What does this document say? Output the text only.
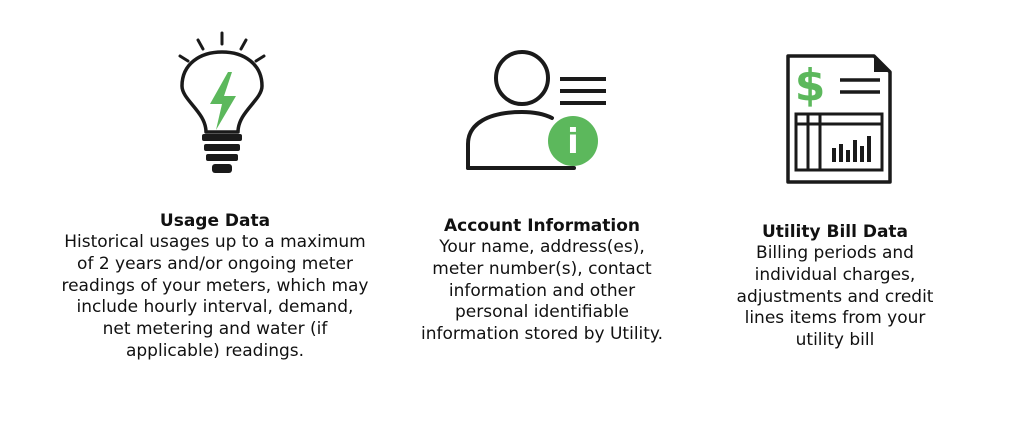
i
$
Usage Data
Historical usages up to a maximum
of 2 years and/or ongoing meter
readings of your meters, which may
include hourly interval, demand,
net metering and water (if
applicable) readings.
Account Information
Your name, address(es),
meter number(s), contact
information and other
personal identifiable
information stored by Utility.
Utility Bill Data
Billing periods and
individual charges,
adjustments and credit
lines items from your
utility bill
